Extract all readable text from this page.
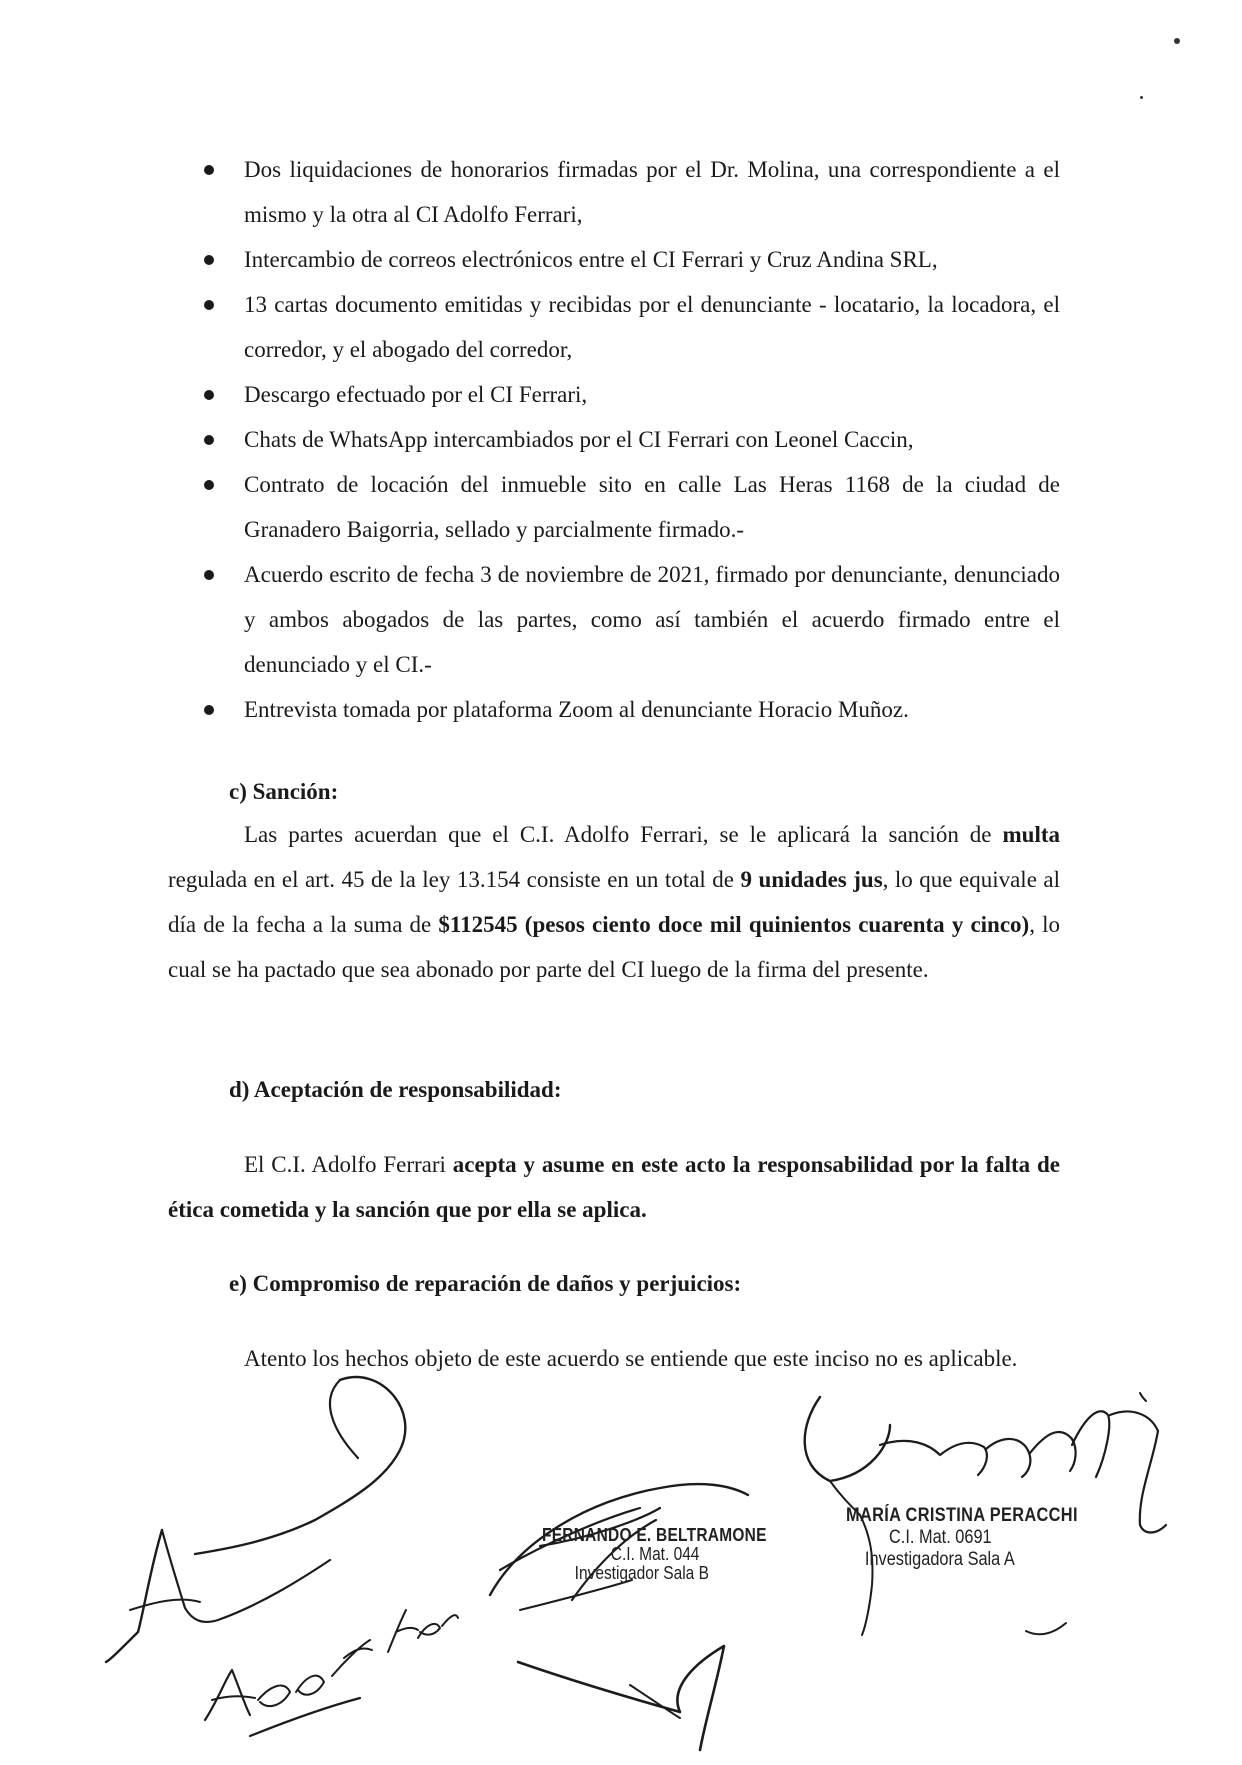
Dos liquidaciones de honorarios firmadas por el Dr. Molina, una correspondiente a el mismo y la otra al CI Adolfo Ferrari,
Intercambio de correos electrónicos entre el CI Ferrari y Cruz Andina SRL,
13 cartas documento emitidas y recibidas por el denunciante - locatario, la locadora, el corredor, y el abogado del corredor,
Descargo efectuado por el CI Ferrari,
Chats de WhatsApp intercambiados por el CI Ferrari con Leonel Caccin,
Contrato de locación del inmueble sito en calle Las Heras 1168 de la ciudad de Granadero Baigorria, sellado y parcialmente firmado.-
Acuerdo escrito de fecha 3 de noviembre de 2021, firmado por denunciante, denunciado y ambos abogados de las partes, como así también el acuerdo firmado entre el denunciado y el CI.-
Entrevista tomada por plataforma Zoom al denunciante Horacio Muñoz.
c) Sanción:

Las partes acuerdan que el C.I. Adolfo Ferrari, se le aplicará la sanción de multa regulada en el art. 45 de la ley 13.154 consiste en un total de 9 unidades jus, lo que equivale al día de la fecha a la suma de $112545 (pesos ciento doce mil quinientos cuarenta y cinco), lo cual se ha pactado que sea abonado por parte del CI luego de la firma del presente.

d) Aceptación de responsabilidad:

El C.I. Adolfo Ferrari acepta y asume en este acto la responsabilidad por la falta de ética cometida y la sanción que por ella se aplica.

e) Compromiso de reparación de daños y perjuicios:

Atento los hechos objeto de este acuerdo se entiende que este inciso no es aplicable.

FERNANDO E. BELTRAMONE
C.I. Mat. 044
Investigador Sala B
MARÍA CRISTINA PERACCHI
C.I. Mat. 0691
Investigadora Sala A
